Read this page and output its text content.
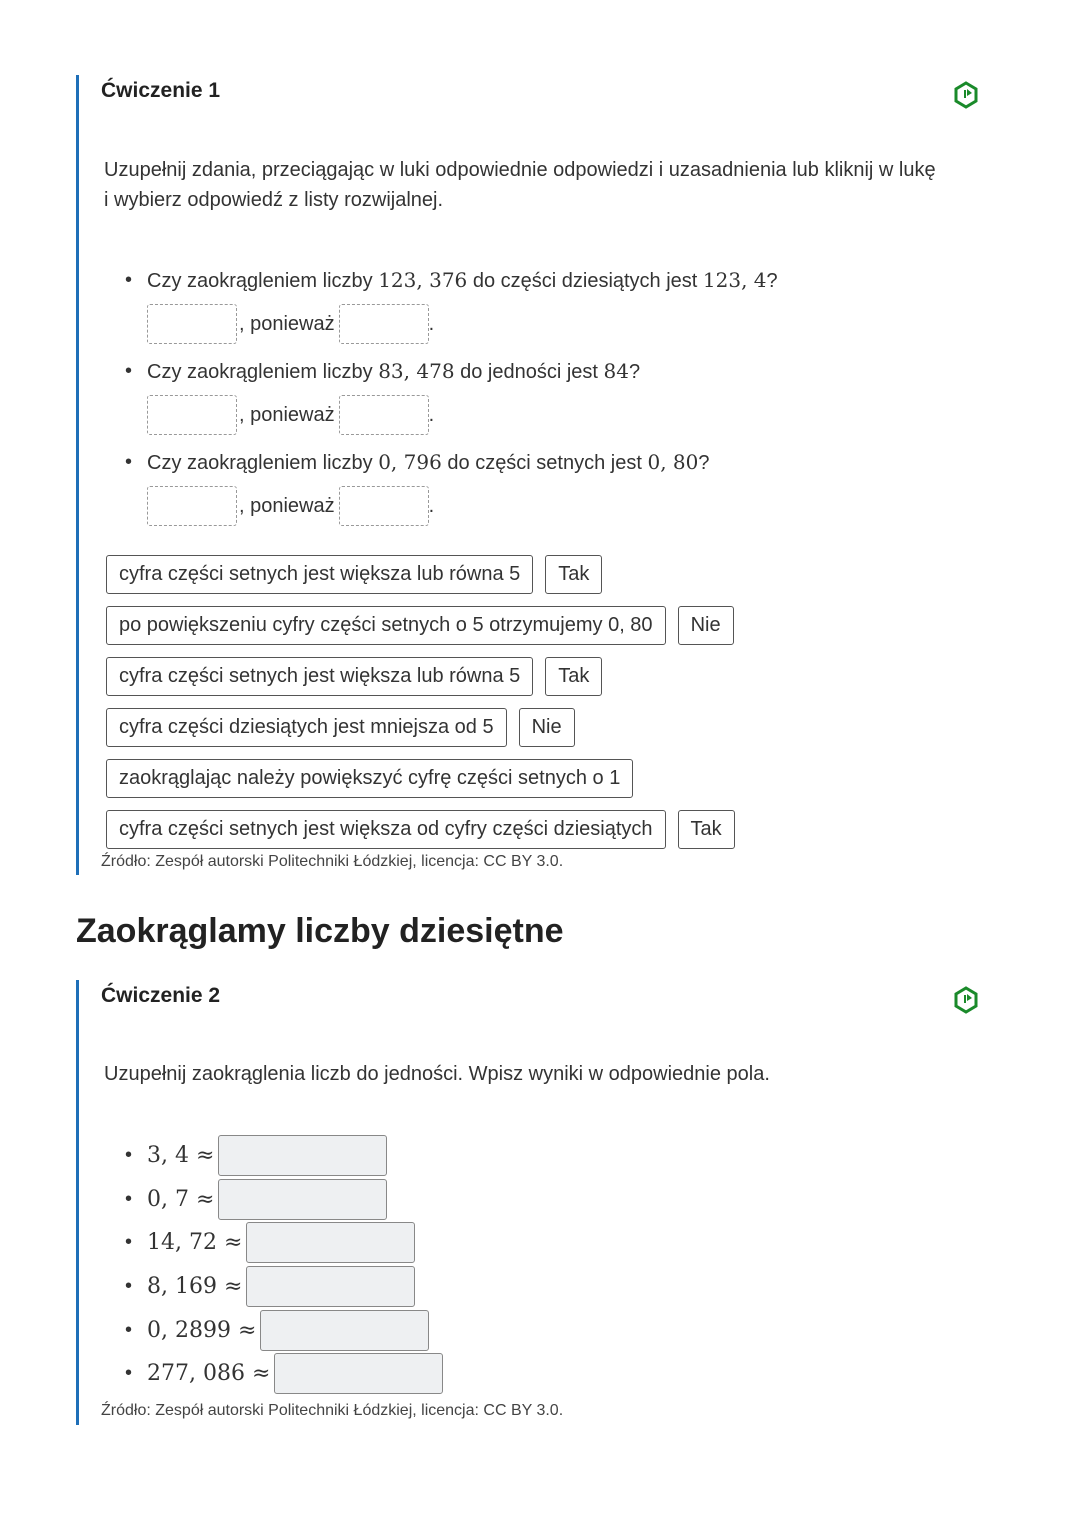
Ćwiczenie 1
Uzupełnij zdania, przeciągając w luki odpowiednie odpowiedzi i uzasadnienia lub kliknij w lukę
i wybierz odpowiedź z listy rozwijalnej.
• Czy zaokrągleniem liczby 123, 376 do części dziesiątych jest 123, 4?
, ponieważ	.
• Czy zaokrągleniem liczby 83, 478 do jedności jest 84?
, ponieważ	.
• Czy zaokrągleniem liczby 0, 796 do części setnych jest 0, 80?
, ponieważ	.
cyfra części setnych jest większa lub równa 5	Tak
po powiększeniu cyfry części setnych o 5 otrzymujemy 0, 80	Nie
cyfra części setnych jest większa lub równa 5	Tak
cyfra części dziesiątych jest mniejsza od 5	Nie
zaokrąglając należy powiększyć cyfrę części setnych o 1
cyfra części setnych jest większa od cyfry części dziesiątych	Tak
Źródło: Zespół autorski Politechniki Łódzkiej, licencja: CC BY 3.0.
Zaokrąglamy liczby dziesiętne
Ćwiczenie 2
Uzupełnij zaokrąglenia liczb do jedności. Wpisz wyniki w odpowiednie pola.
• 3, 4 ≈
• 0, 7 ≈
• 14, 72 ≈
• 8, 169 ≈
• 0, 2899 ≈
• 277, 086 ≈
Źródło: Zespół autorski Politechniki Łódzkiej, licencja: CC BY 3.0.
